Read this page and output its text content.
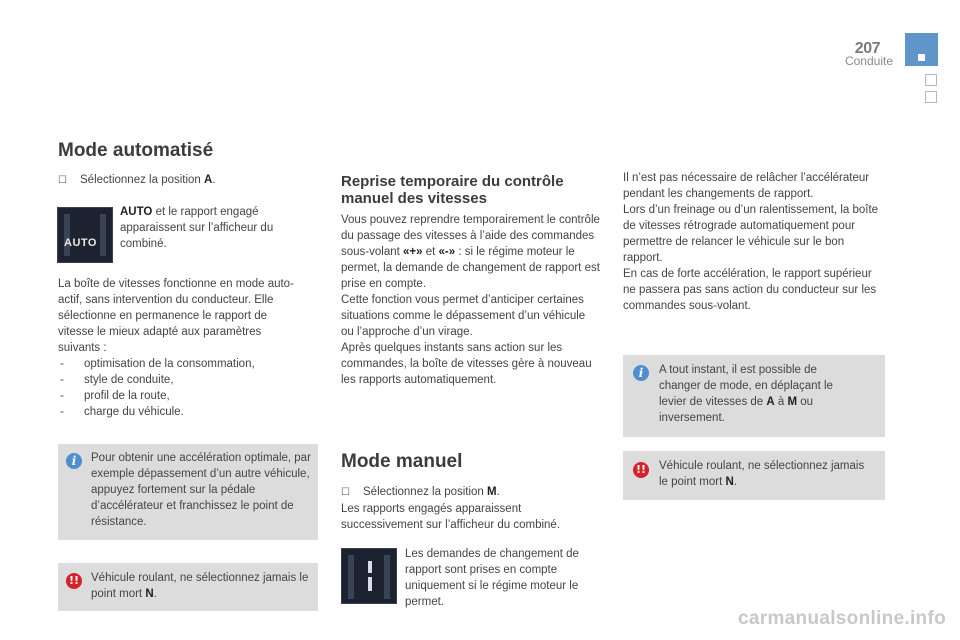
207
Conduite
Mode automatisé
☐ Sélectionnez la position A.
AUTO
AUTO et le rapport engagé apparaissent sur l’afficheur du combiné.

La boîte de vitesses fonctionne en mode auto-actif, sans intervention du conducteur. Elle sélectionne en permanence le rapport de vitesse le mieux adapté aux paramètres suivants :

- optimisation de la consommation,
- style de conduite,
- profil de la route,
- charge du véhicule.
i	Pour obtenir une accélération optimale, par exemple dépassement d’un autre véhicule, appuyez fortement sur la pédale d’accélérateur et franchissez le point de résistance.
!! Véhicule roulant, ne sélectionnez jamais le point mort N.
Reprise temporaire du contrôle manuel des vitesses

Vous pouvez reprendre temporairement le contrôle du passage des vitesses à l’aide des commandes sous-volant «+» et «-» : si le régime moteur le permet, la demande de changement de rapport est prise en compte.

Cette fonction vous permet d’anticiper certaines situations comme le dépassement d’un véhicule ou l’approche d’un virage.

Après quelques instants sans action sur les commandes, la boîte de vitesses gère à nouveau les rapports automatiquement.

Mode manuel

☐ Sélectionnez la position M.

Les rapports engagés apparaissent successivement sur l’afficheur du combiné.

Les demandes de changement de rapport sont prises en compte uniquement si le régime moteur le permet.

Il n’est pas nécessaire de relâcher l’accélérateur pendant les changements de rapport.

Lors d’un freinage ou d’un ralentissement, la boîte de vitesses rétrograde automatiquement pour permettre de relancer le véhicule sur le bon rapport.

En cas de forte accélération, le rapport supérieur ne passera pas sans action du conducteur sur les commandes sous-volant.

i	A tout instant, il est possible de changer de mode, en déplaçant le levier de vitesses de A à M ou inversement.
!! Véhicule roulant, ne sélectionnez jamais le point mort N.
carmanualsonline.info
